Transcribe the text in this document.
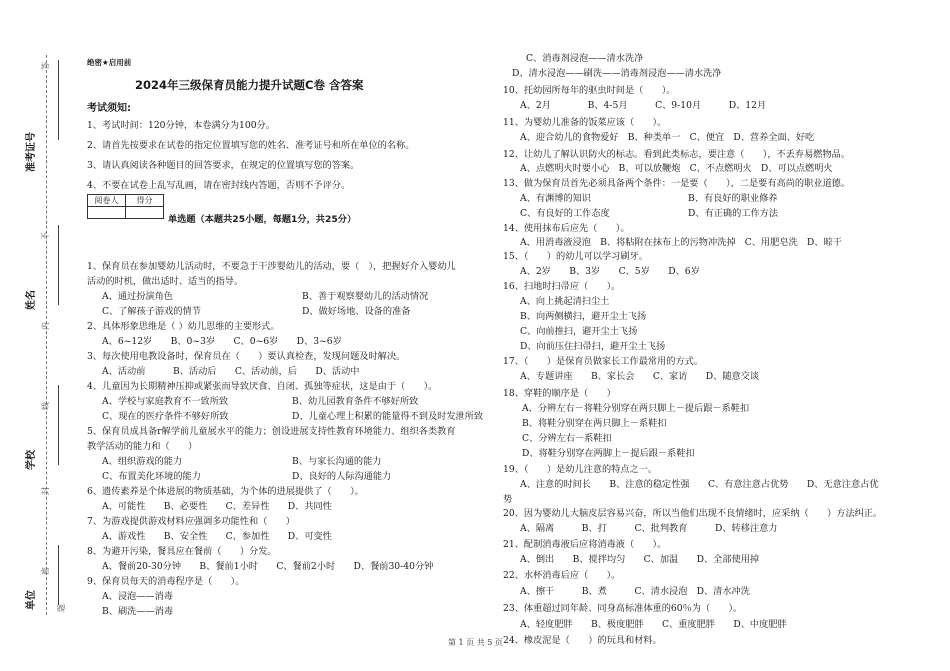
答
不
内
线
封
密
题
准考证号
姓名
学校
单位
绝密★启用前
2024年三级保育员能力提升试题C卷 含答案
考试须知:
1、考试时间：120分钟，本卷满分为100分。
2、请首先按要求在试卷的指定位置填写您的姓名、准考证号和所在单位的名称。
3、请认真阅读各种题目的回答要求，在规定的位置填写您的答案。
4、不要在试卷上乱写乱画，请在密封线内答题，否则不予评分。
阅卷人	得分

单选题（本题共25小题，每题1分，共25分）
1、保育员在参加婴幼儿活动时，不要急于干涉婴幼儿的活动，要（　），把握好介入婴幼儿
活动的时机，做出适时、适当的指导。
A、通过扮演角色	B、善于观察婴幼儿的活动情况
C、了解孩子游戏的情节	D、做好场地、设备的准备
2、具体形象思维是（ ）幼儿思维的主要形式。
A、6~12岁　　B、0~3岁　　C、0~6岁　　D、3~6岁
3、每次使用电教设备时，保育员在（　　）要认真检查，发现问题及时解决。
A、活动前　　　B、活动后　　C、活动前，后　　D、活动中
4、儿童因为长期精神压抑或紧张而导致厌食、自闭、孤独等症状，这是由于（　　）。
A、学校与家庭教育不一致所致	B、幼儿园教育条件不够好所致
C、现在的医疗条件不够好所致	D、儿童心理上积累的能量得不到及时发泄所致
5、保育员成具备r解学前儿童展水平的能力；创设进展支持性教育环境能力、组织各类教育
教学活动的能力和（　　）
A、组织游戏的能力	B、与家长沟通的能力
C、布置美化环境的能力	D、良好的人际沟通能力
6、遗传素养是个体进展的物质基础，为个体的进展提供了（　　）。
A、可能性　　B、必要性　　C、差异性　　D、共同性
7、为游戏提供游戏材料应强调多功能性和（　　）
A、游戏性　　B、安全性　　C、参加性　　D、可变性
8、为避开污染，餐具应在餐前（　　）分发。
A、餐前20-30分钟　　B、餐前1小时　　C、餐前2小时　　D、餐前30-40分钟
9、保育员每天的消毒程序是（　　）。
A、浸泡——消毒
B、刷洗——消毒
C、消毒剂浸泡——清水洗净
D、清水浸泡——刷洗——消毒剂浸泡——清水洗净
10、托幼园所每年的驱虫时间是（　　）。
A、2月　　　　B、4-5月　　　C、9-10月　　　D、12月
11、为婴幼儿准备的饭菜应该（　　）。
A、迎合幼儿的食物爱好　B、种类单一　C、便宜　D、营养全面、好吃
12、让幼儿了解认识防火的标志。看到此类标志，要注意（　　），不丢弃易燃物品。
A、点燃明火时要小心　B、可以放鞭炮　C、不点燃明火　D、可以点燃明火
13、做为保育员首先必须具备两个条件：一是要（　　），二是要有高尚的职业道德。
A、有渊博的知识	B、有良好的职业修养
C、有良好的工作态度	D、有正确的工作方法
14、使用抹布后应先（　　）。
A、用消毒液浸泡　B、将粘附在抹布上的污物冲洗掉　C、用肥皂洗　D、晾干
15、（　　）的幼儿可以学习刷牙。
A、2岁　　B、3岁　　C、5岁　　D、6岁
16、扫地时扫帚应（　　）。
A、向上挑起清扫尘土
B、向两侧横扫，避开尘土飞扬
C、向前推扫，避开尘土飞扬
D、向前压住扫帚扫，避开尘土飞扬
17、（　　）是保育员做家长工作最常用的方式。
A、专题讲座　　B、家长会　　C、家访　　D、随意交谈
18、穿鞋的顺序是（　　）
A、分辨左右－将鞋分别穿在两只脚上－提后跟－系鞋扣
B、将鞋分别穿在两只脚上－系鞋扣
C、分辨左右－系鞋扣
D、将鞋分别穿在两脚上－提后跟－系鞋扣
19、（　　）是幼儿注意的特点之一。
A、注意的时间长　　B、注意的稳定性强　　C、有意注意占优势　　D、无意注意占优
势
20、因为婴幼儿大脑皮层容易兴奋，所以当他们出现不良情绪时，应采纳（　　）方法纠正。
A、隔离　　　B、打　　　C、批判教育　　　D、转移注意力
21、配制消毒液后应将消毒液（　　）。
A、倒出　　B、搅拌均匀　　C、加温　　D、全部使用掉
22、水杯消毒后应（　　）。
A、擦干　　　B、煮　　　C、清水浸泡　D、清水冲洗
23、体重超过同年龄、同身高标准体重的60％为（　　）。
A、轻度肥胖　　B、极度肥胖　　C、重度肥胖　　D、中度肥胖
24、橡皮泥是（　　）的玩具和材料。
第 1 页 共 5 页
